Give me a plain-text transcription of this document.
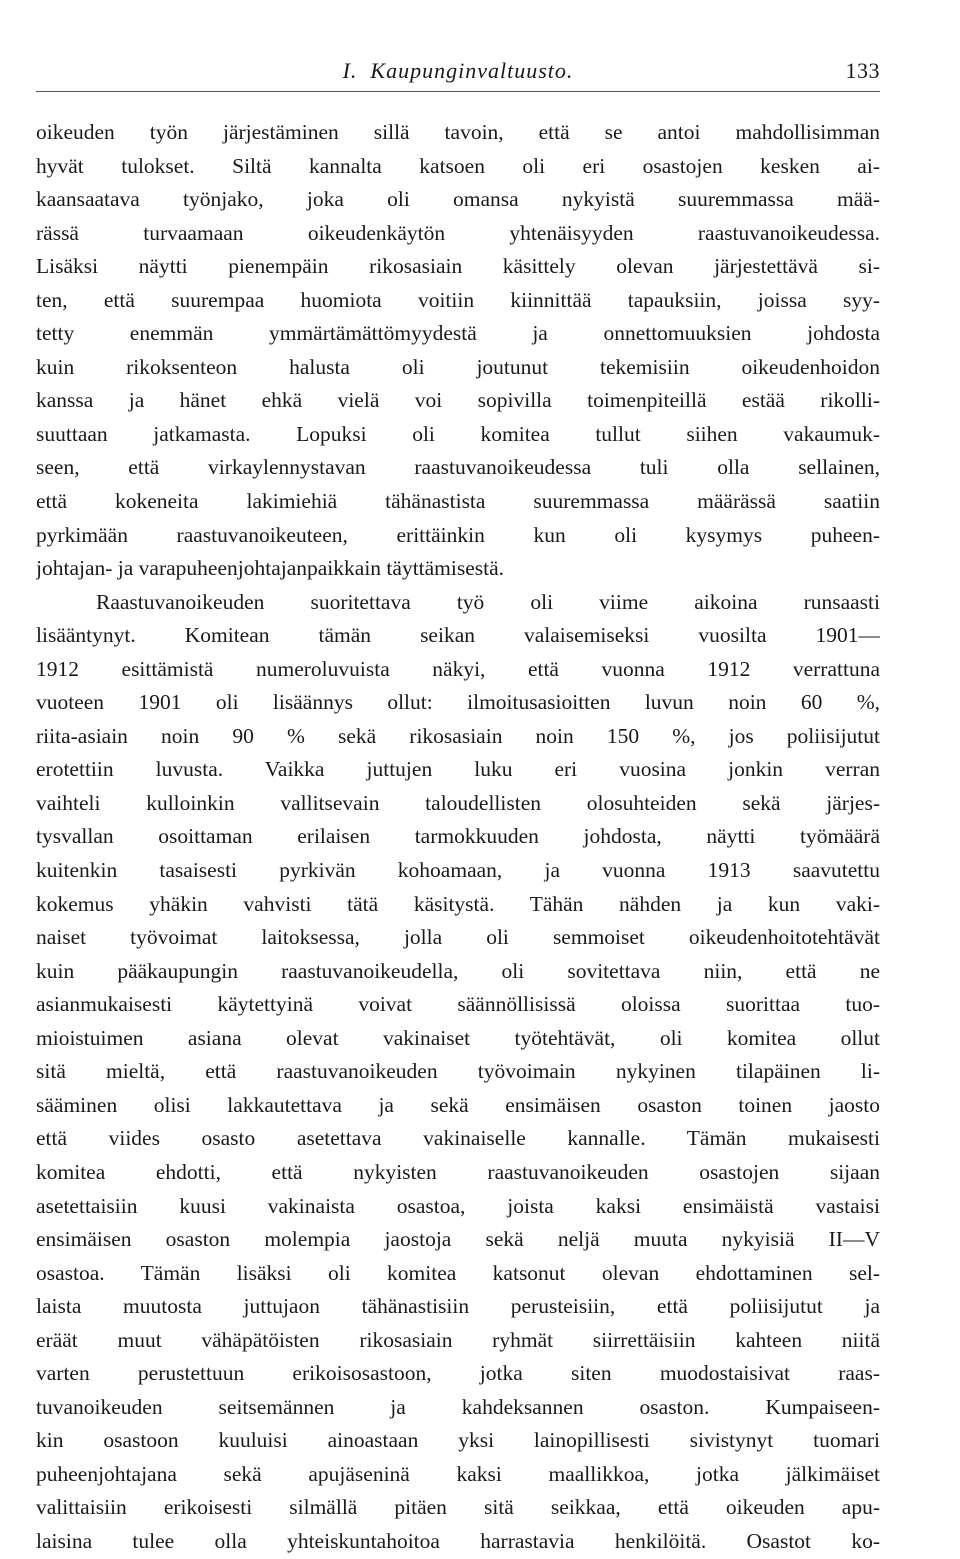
I.  Kaupunginvaltuusto.	133
oikeuden työn järjestäminen sillä tavoin, että se antoi mahdollisimman
hyvät tulokset. Siltä kannalta katsoen oli eri osastojen kesken ai-
kaansaatava työnjako, joka oli omansa nykyistä suuremmassa mää-
rässä turvaamaan oikeudenkäytön yhtenäisyyden raastuvanoikeudessa.
Lisäksi näytti pienempäin rikosasiain käsittely olevan järjestettävä si-
ten, että suurempaa huomiota voitiin kiinnittää tapauksiin, joissa syy-
tetty enemmän ymmärtämättömyydestä ja onnettomuuksien johdosta
kuin rikoksenteon halusta oli joutunut tekemisiin oikeudenhoidon
kanssa ja hänet ehkä vielä voi sopivilla toimenpiteillä estää rikolli-
suuttaan jatkamasta. Lopuksi oli komitea tullut siihen vakaumuk-
seen, että virkaylennystavan raastuvanoikeudessa tuli olla sellainen,
että kokeneita lakimiehiä tähänastista suuremmassa määrässä saatiin
pyrkimään raastuvanoikeuteen, erittäinkin kun oli kysymys puheen-
johtajan- ja varapuheenjohtajanpaikkain täyttämisestä.
Raastuvanoikeuden suoritettava työ oli viime aikoina runsaasti
lisääntynyt. Komitean tämän seikan valaisemiseksi vuosilta 1901—
1912 esittämistä numeroluvuista näkyi, että vuonna 1912 verrattuna
vuoteen 1901 oli lisäännys ollut: ilmoitusasioitten luvun noin 60 %,
riita-asiain noin 90 % sekä rikosasiain noin 150 %, jos poliisijutut
erotettiin luvusta. Vaikka juttujen luku eri vuosina jonkin verran
vaihteli kulloinkin vallitsevain taloudellisten olosuhteiden sekä järjes-
tysvallan osoittaman erilaisen tarmokkuuden johdosta, näytti työmäärä
kuitenkin tasaisesti pyrkivän kohoamaan, ja vuonna 1913 saavutettu
kokemus yhäkin vahvisti tätä käsitystä. Tähän nähden ja kun vaki-
naiset työvoimat laitoksessa, jolla oli semmoiset oikeudenhoitotehtävät
kuin pääkaupungin raastuvanoikeudella, oli sovitettava niin, että ne
asianmukaisesti käytettyinä voivat säännöllisissä oloissa suorittaa tuo-
mioistuimen asiana olevat vakinaiset työtehtävät, oli komitea ollut
sitä mieltä, että raastuvanoikeuden työvoimain nykyinen tilapäinen li-
sääminen olisi lakkautettava ja sekä ensimäisen osaston toinen jaosto
että viides osasto asetettava vakinaiselle kannalle. Tämän mukaisesti
komitea ehdotti, että nykyisten raastuvanoikeuden osastojen sijaan
asetettaisiin kuusi vakinaista osastoa, joista kaksi ensimäistä vastaisi
ensimäisen osaston molempia jaostoja sekä neljä muuta nykyisiä II—V
osastoa. Tämän lisäksi oli komitea katsonut olevan ehdottaminen sel-
laista muutosta juttujaon tähänastisiin perusteisiin, että poliisijutut ja
eräät muut vähäpätöisten rikosasiain ryhmät siirrettäisiin kahteen niitä
varten perustettuun erikoisosastoon, jotka siten muodostaisivat raas-
tuvanoikeuden seitsemännen ja kahdeksannen osaston. Kumpaiseen-
kin osastoon kuuluisi ainoastaan yksi lainopillisesti sivistynyt tuomari
puheenjohtajana sekä apujäseninä kaksi maallikkoa, jotka jälkimäiset
valittaisiin erikoisesti silmällä pitäen sitä seikkaa, että oikeuden apu-
laisina tulee olla yhteiskuntahoitoa harrastavia henkilöitä. Osastot ko-
